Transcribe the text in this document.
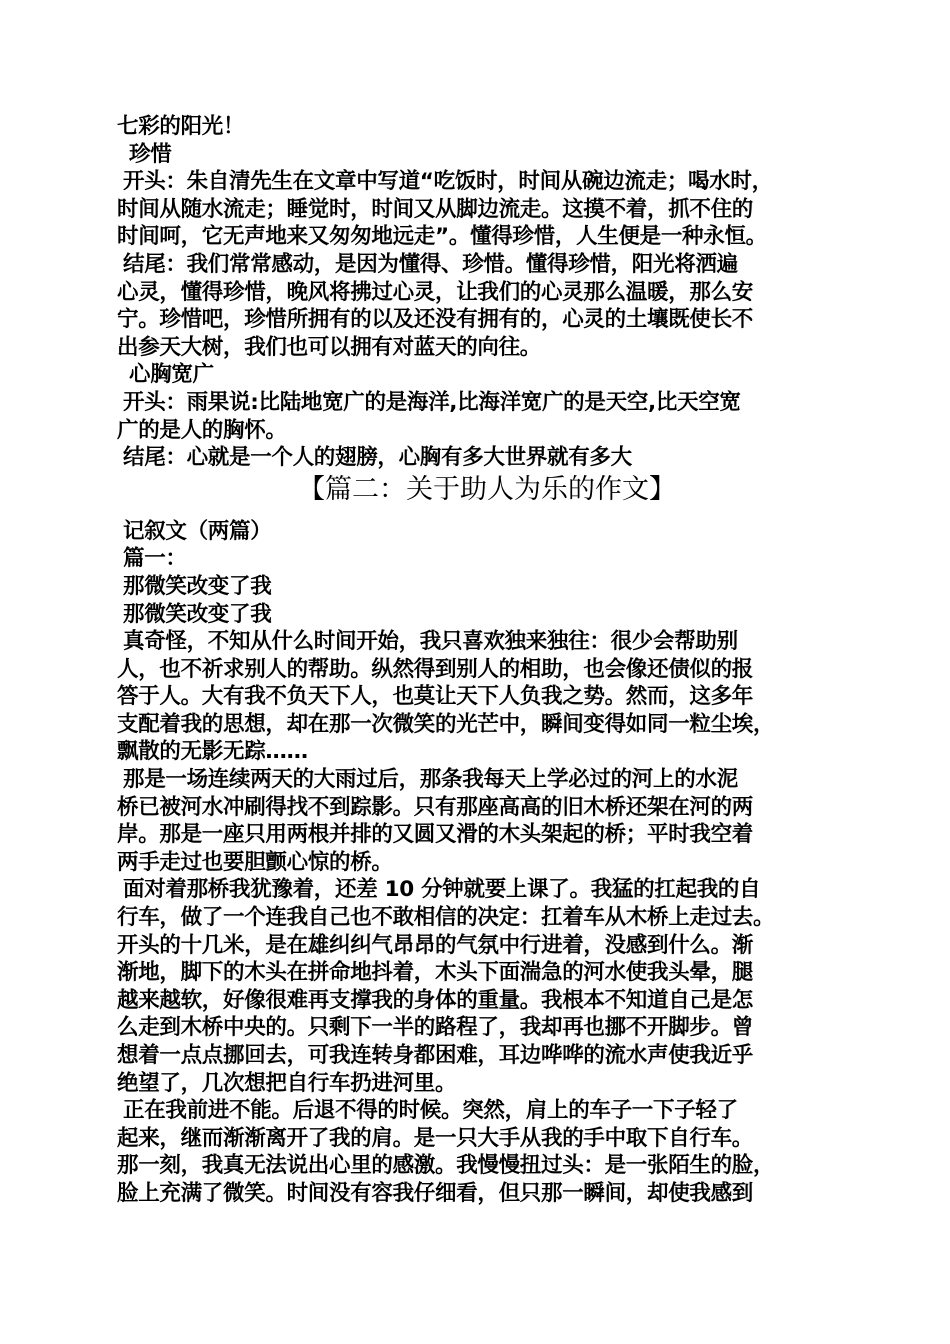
七彩的阳光！
珍惜
开头：朱自清先生在文章中写道“吃饭时，时间从碗边流走；喝水时，
时间从随水流走；睡觉时，时间又从脚边流走。这摸不着，抓不住的
时间呵，它无声地来又匆匆地远走”。懂得珍惜，人生便是一种永恒。
结尾：我们常常感动，是因为懂得、珍惜。懂得珍惜，阳光将洒遍
心灵，懂得珍惜，晚风将拂过心灵，让我们的心灵那么温暖，那么安
宁。珍惜吧，珍惜所拥有的以及还没有拥有的，心灵的土壤既使长不
出参天大树，我们也可以拥有对蓝天的向往。
心胸宽广
开头：雨果说:比陆地宽广的是海洋,比海洋宽广的是天空,比天空宽
广的是人的胸怀。
结尾：心就是一个人的翅膀，心胸有多大世界就有多大
【篇二：关于助人为乐的作文】
记叙文（两篇）
篇一：
那微笑改变了我
那微笑改变了我
真奇怪，不知从什么时间开始，我只喜欢独来独往：很少会帮助别
人，也不祈求别人的帮助。纵然得到别人的相助，也会像还债似的报
答于人。大有我不负天下人，也莫让天下人负我之势。然而，这多年
支配着我的思想，却在那一次微笑的光芒中，瞬间变得如同一粒尘埃，
飘散的无影无踪……
那是一场连续两天的大雨过后，那条我每天上学必过的河上的水泥
桥已被河水冲刷得找不到踪影。只有那座高高的旧木桥还架在河的两
岸。那是一座只用两根并排的又圆又滑的木头架起的桥；平时我空着
两手走过也要胆颤心惊的桥。
面对着那桥我犹豫着，还差 10 分钟就要上课了。我猛的扛起我的自
行车，做了一个连我自己也不敢相信的决定：扛着车从木桥上走过去。
开头的十几米，是在雄纠纠气昂昂的气氛中行进着，没感到什么。渐
渐地，脚下的木头在拼命地抖着，木头下面湍急的河水使我头晕，腿
越来越软，好像很难再支撑我的身体的重量。我根本不知道自己是怎
么走到木桥中央的。只剩下一半的路程了，我却再也挪不开脚步。曾
想着一点点挪回去，可我连转身都困难，耳边哗哗的流水声使我近乎
绝望了，几次想把自行车扔进河里。
正在我前进不能。后退不得的时候。突然，肩上的车子一下子轻了
起来，继而渐渐离开了我的肩。是一只大手从我的手中取下自行车。
那一刻，我真无法说出心里的感激。我慢慢扭过头：是一张陌生的脸，
脸上充满了微笑。时间没有容我仔细看，但只那一瞬间，却使我感到
